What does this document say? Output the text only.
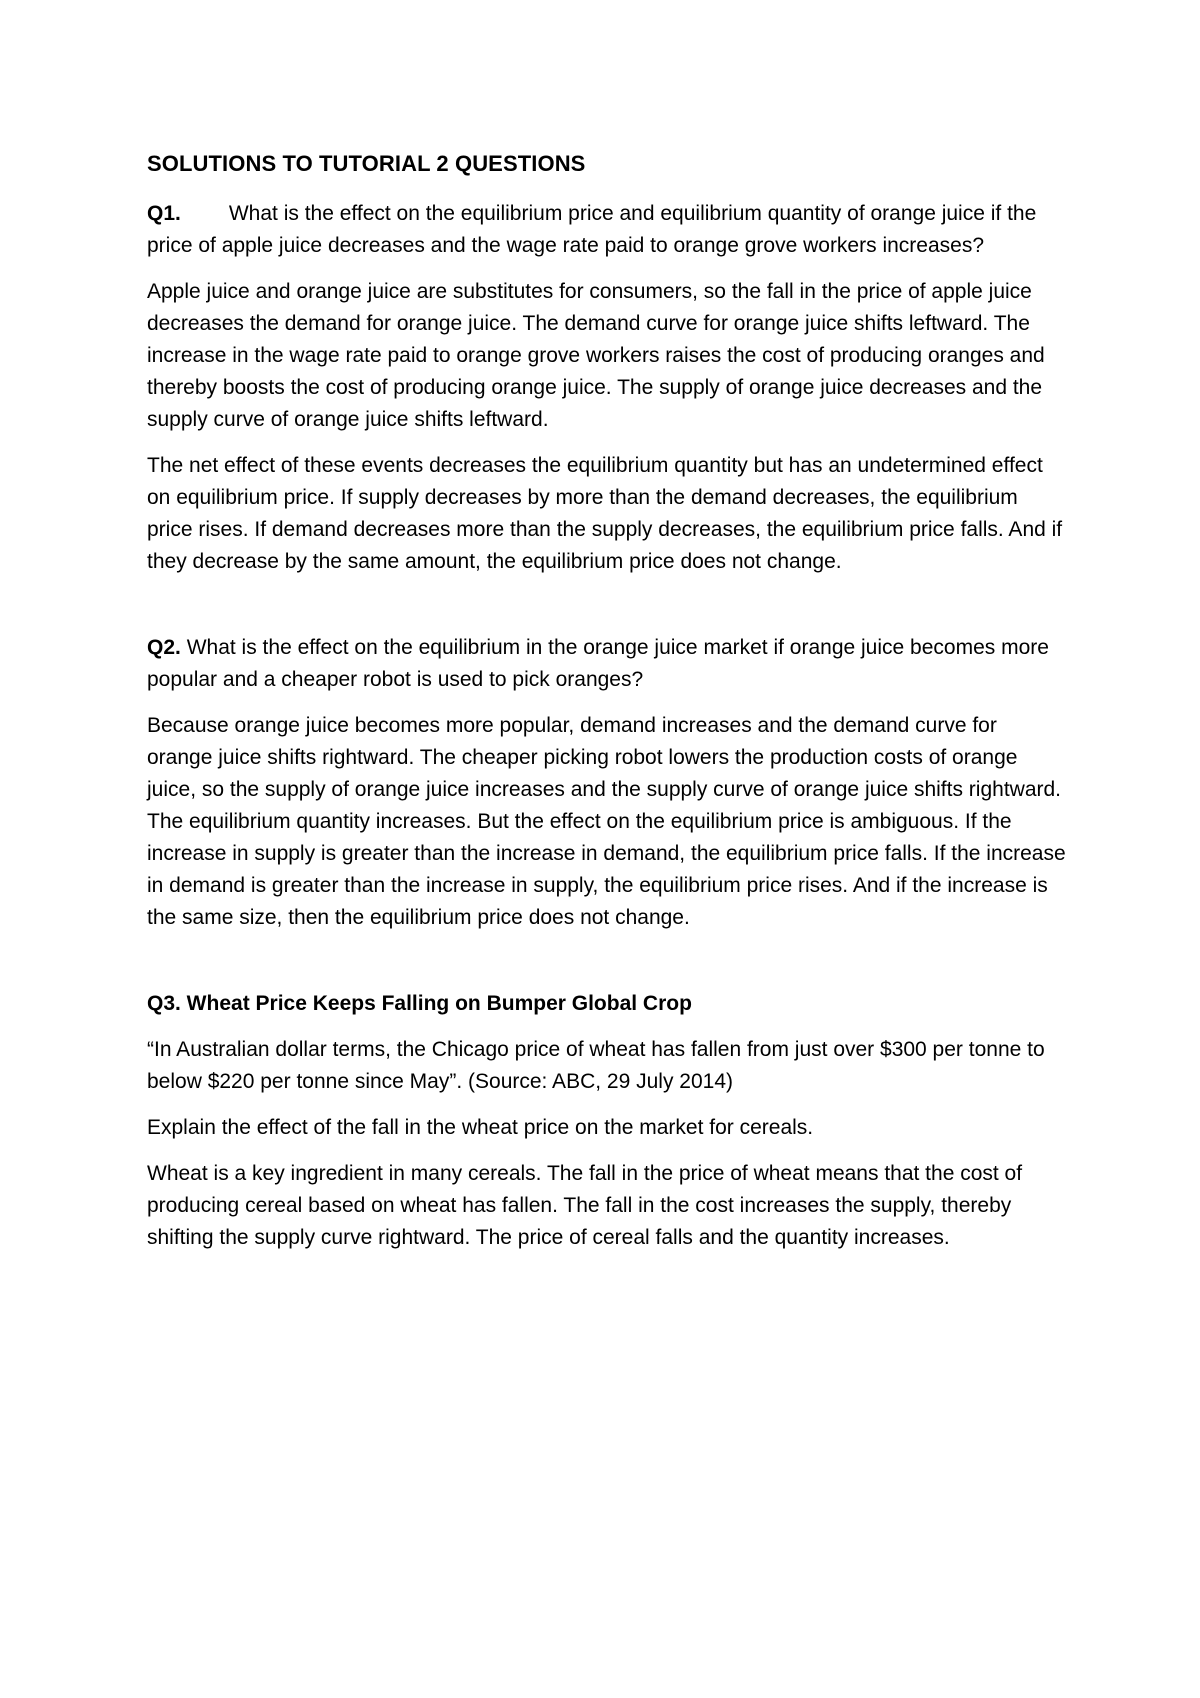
SOLUTIONS TO TUTORIAL 2 QUESTIONS

Q1. What is the effect on the equilibrium price and equilibrium quantity of orange juice if the price of apple juice decreases and the wage rate paid to orange grove workers increases?

Apple juice and orange juice are substitutes for consumers, so the fall in the price of apple juice decreases the demand for orange juice. The demand curve for orange juice shifts leftward. The increase in the wage rate paid to orange grove workers raises the cost of producing oranges and thereby boosts the cost of producing orange juice. The supply of orange juice decreases and the supply curve of orange juice shifts leftward.

The net effect of these events decreases the equilibrium quantity but has an undetermined effect on equilibrium price. If supply decreases by more than the demand decreases, the equilibrium price rises. If demand decreases more than the supply decreases, the equilibrium price falls. And if they decrease by the same amount, the equilibrium price does not change.

Q2. What is the effect on the equilibrium in the orange juice market if orange juice becomes more popular and a cheaper robot is used to pick oranges?

Because orange juice becomes more popular, demand increases and the demand curve for orange juice shifts rightward. The cheaper picking robot lowers the production costs of orange juice, so the supply of orange juice increases and the supply curve of orange juice shifts rightward. The equilibrium quantity increases. But the effect on the equilibrium price is ambiguous. If the increase in supply is greater than the increase in demand, the equilibrium price falls. If the increase in demand is greater than the increase in supply, the equilibrium price rises. And if the increase is the same size, then the equilibrium price does not change.

Q3. Wheat Price Keeps Falling on Bumper Global Crop

“In Australian dollar terms, the Chicago price of wheat has fallen from just over $300 per tonne to below $220 per tonne since May”. (Source: ABC, 29 July 2014)

Explain the effect of the fall in the wheat price on the market for cereals.

Wheat is a key ingredient in many cereals. The fall in the price of wheat means that the cost of producing cereal based on wheat has fallen. The fall in the cost increases the supply, thereby shifting the supply curve rightward. The price of cereal falls and the quantity increases.
